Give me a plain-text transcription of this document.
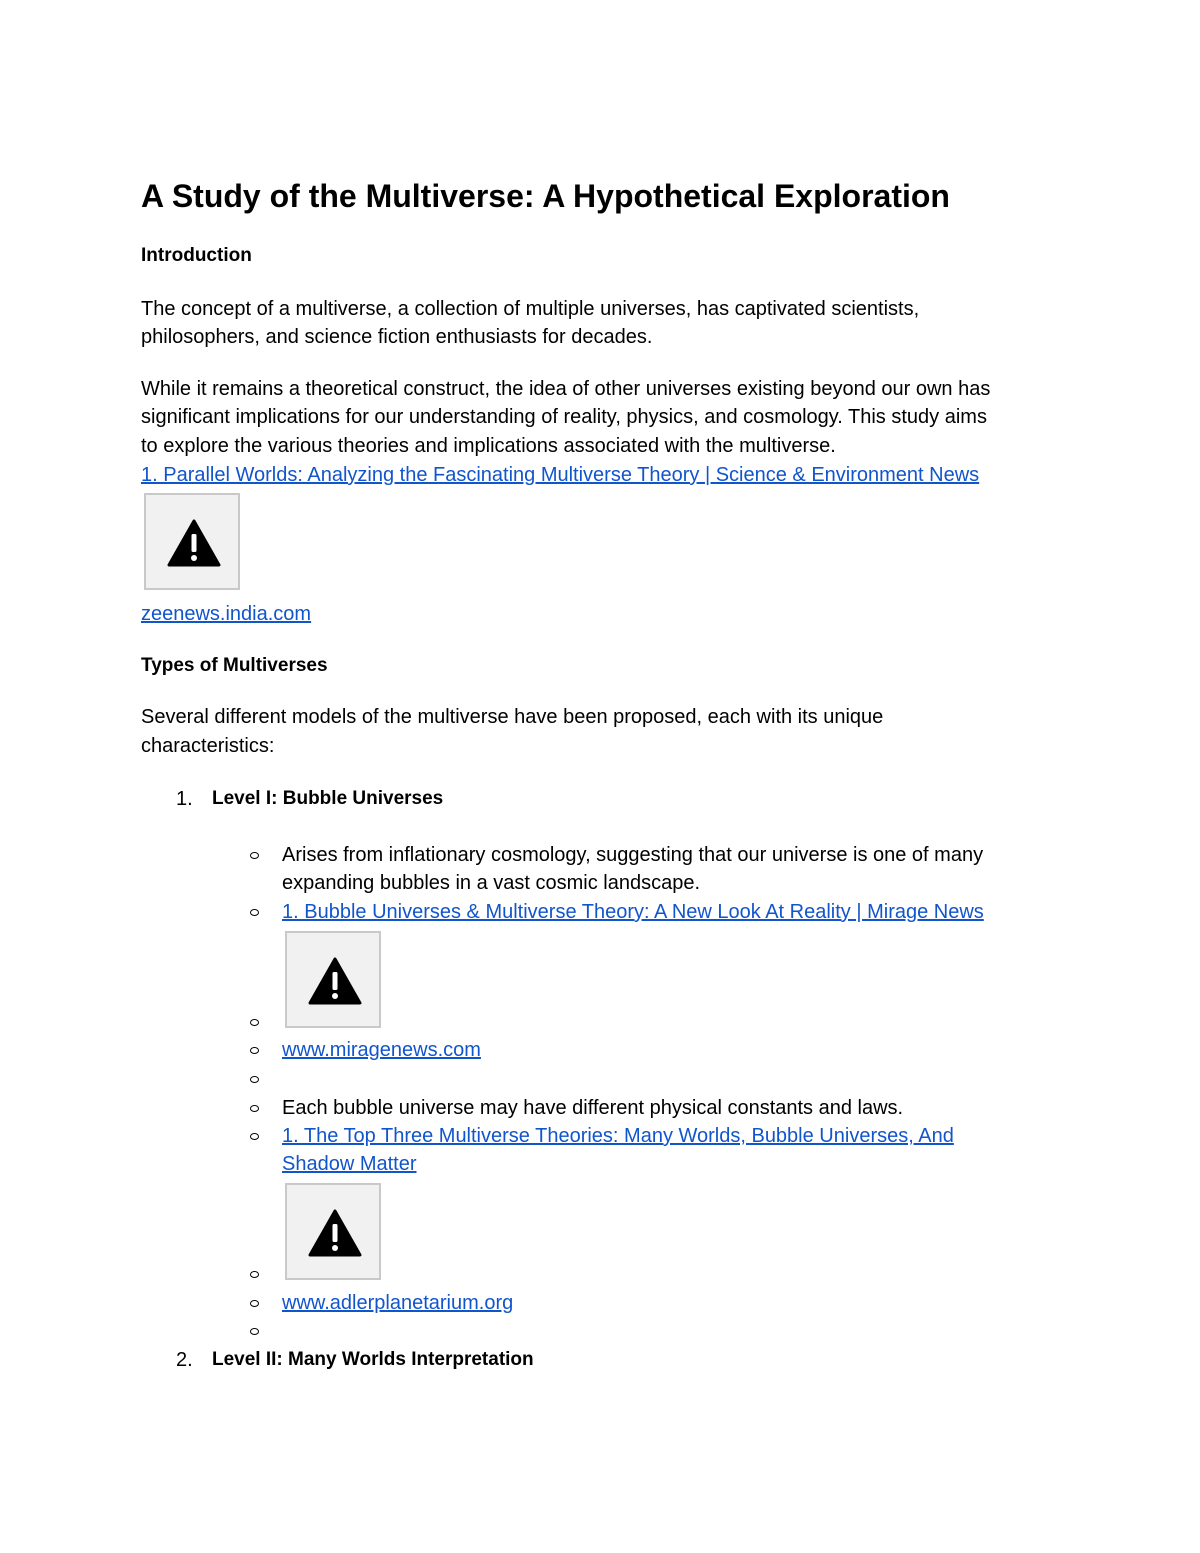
A Study of the Multiverse: A Hypothetical Exploration
Introduction
The concept of a multiverse, a collection of multiple universes, has captivated scientists,
philosophers, and science fiction enthusiasts for decades.
While it remains a theoretical construct, the idea of other universes existing beyond our own has
significant implications for our understanding of reality, physics, and cosmology. This study aims
to explore the various theories and implications associated with the multiverse.
1. Parallel Worlds: Analyzing the Fascinating Multiverse Theory | Science & Environment News
zeenews.india.com
Types of Multiverses
Several different models of the multiverse have been proposed, each with its unique
characteristics:
1. Level I: Bubble Universes
Arises from inflationary cosmology, suggesting that our universe is one of many
expanding bubbles in a vast cosmic landscape.
1. Bubble Universes & Multiverse Theory: A New Look At Reality | Mirage News
www.miragenews.com
Each bubble universe may have different physical constants and laws.
1. The Top Three Multiverse Theories: Many Worlds, Bubble Universes, And
Shadow Matter
www.adlerplanetarium.org
2. Level II: Many Worlds Interpretation
